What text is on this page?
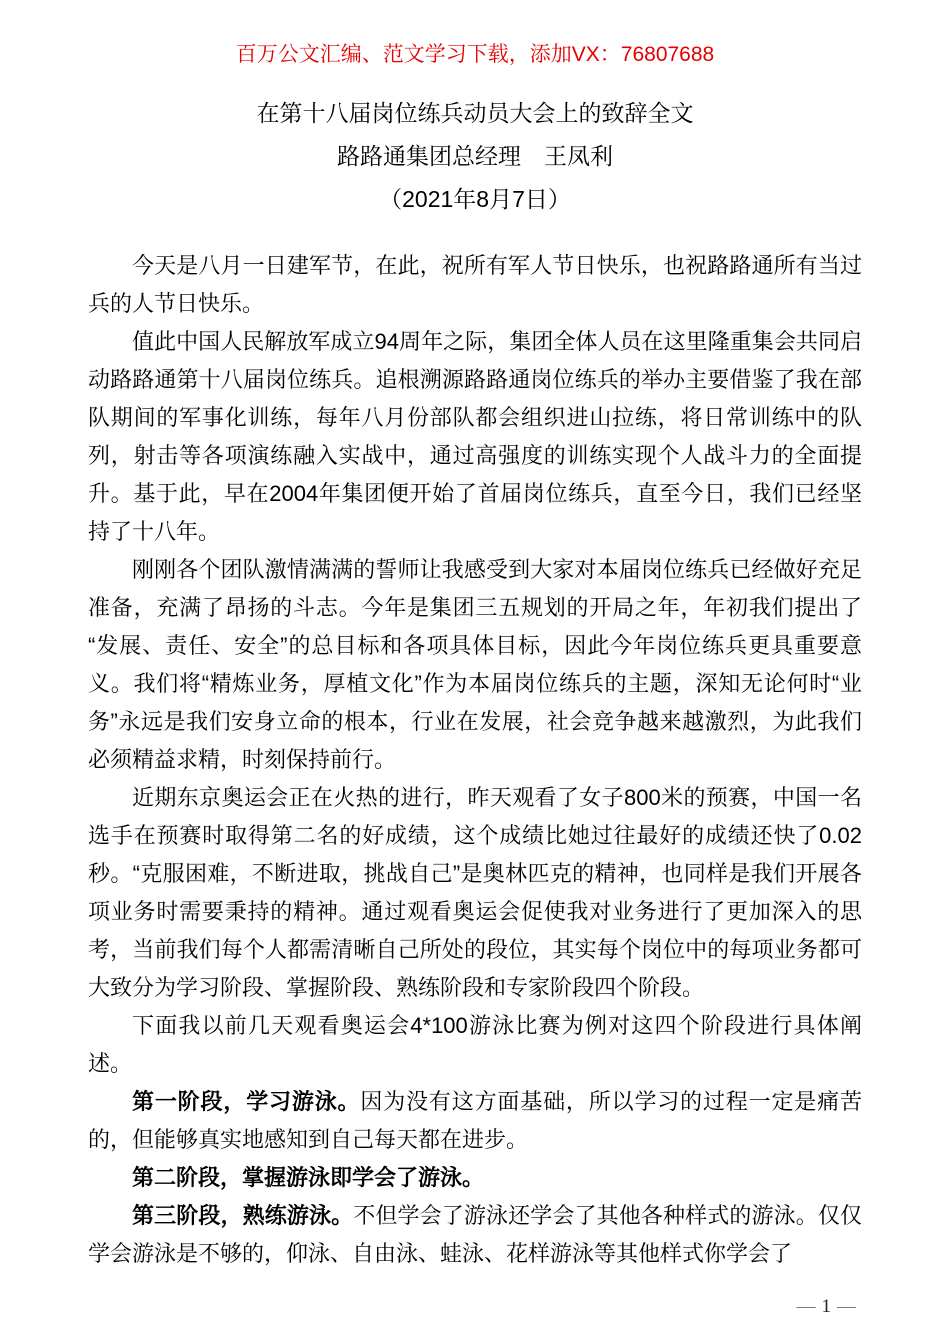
百万公文汇编、范文学习下载，添加VX：76807688
在第十八届岗位练兵动员大会上的致辞全文
路路通集团总经理　王凤利
（2021年8月7日）

今天是八月一日建军节，在此，祝所有军人节日快乐，也祝路路通所有当过兵的人节日快乐。

值此中国人民解放军成立94周年之际，集团全体人员在这里隆重集会共同启动路路通第十八届岗位练兵。追根溯源路路通岗位练兵的举办主要借鉴了我在部队期间的军事化训练，每年八月份部队都会组织进山拉练，将日常训练中的队列，射击等各项演练融入实战中，通过高强度的训练实现个人战斗力的全面提升。基于此，早在2004年集团便开始了首届岗位练兵，直至今日，我们已经坚持了十八年。

刚刚各个团队激情满满的誓师让我感受到大家对本届岗位练兵已经做好充足准备，充满了昂扬的斗志。今年是集团三五规划的开局之年，年初我们提出了“发展、责任、安全”的总目标和各项具体目标，因此今年岗位练兵更具重要意义。我们将“精炼业务，厚植文化”作为本届岗位练兵的主题，深知无论何时“业务”永远是我们安身立命的根本，行业在发展，社会竞争越来越激烈，为此我们必须精益求精，时刻保持前行。

近期东京奥运会正在火热的进行，昨天观看了女子800米的预赛，中国一名选手在预赛时取得第二名的好成绩，这个成绩比她过往最好的成绩还快了0.02秒。“克服困难，不断进取，挑战自己”是奥林匹克的精神，也同样是我们开展各项业务时需要秉持的精神。通过观看奥运会促使我对业务进行了更加深入的思考，当前我们每个人都需清晰自己所处的段位，其实每个岗位中的每项业务都可大致分为学习阶段、掌握阶段、熟练阶段和专家阶段四个阶段。

下面我以前几天观看奥运会4*100游泳比赛为例对这四个阶段进行具体阐述。

第一阶段，学习游泳。因为没有这方面基础，所以学习的过程一定是痛苦的，但能够真实地感知到自己每天都在进步。

第二阶段，掌握游泳即学会了游泳。

第三阶段，熟练游泳。不但学会了游泳还学会了其他各种样式的游泳。仅仅学会游泳是不够的，仰泳、自由泳、蛙泳、花样游泳等其他样式你学会了

— 1 —
